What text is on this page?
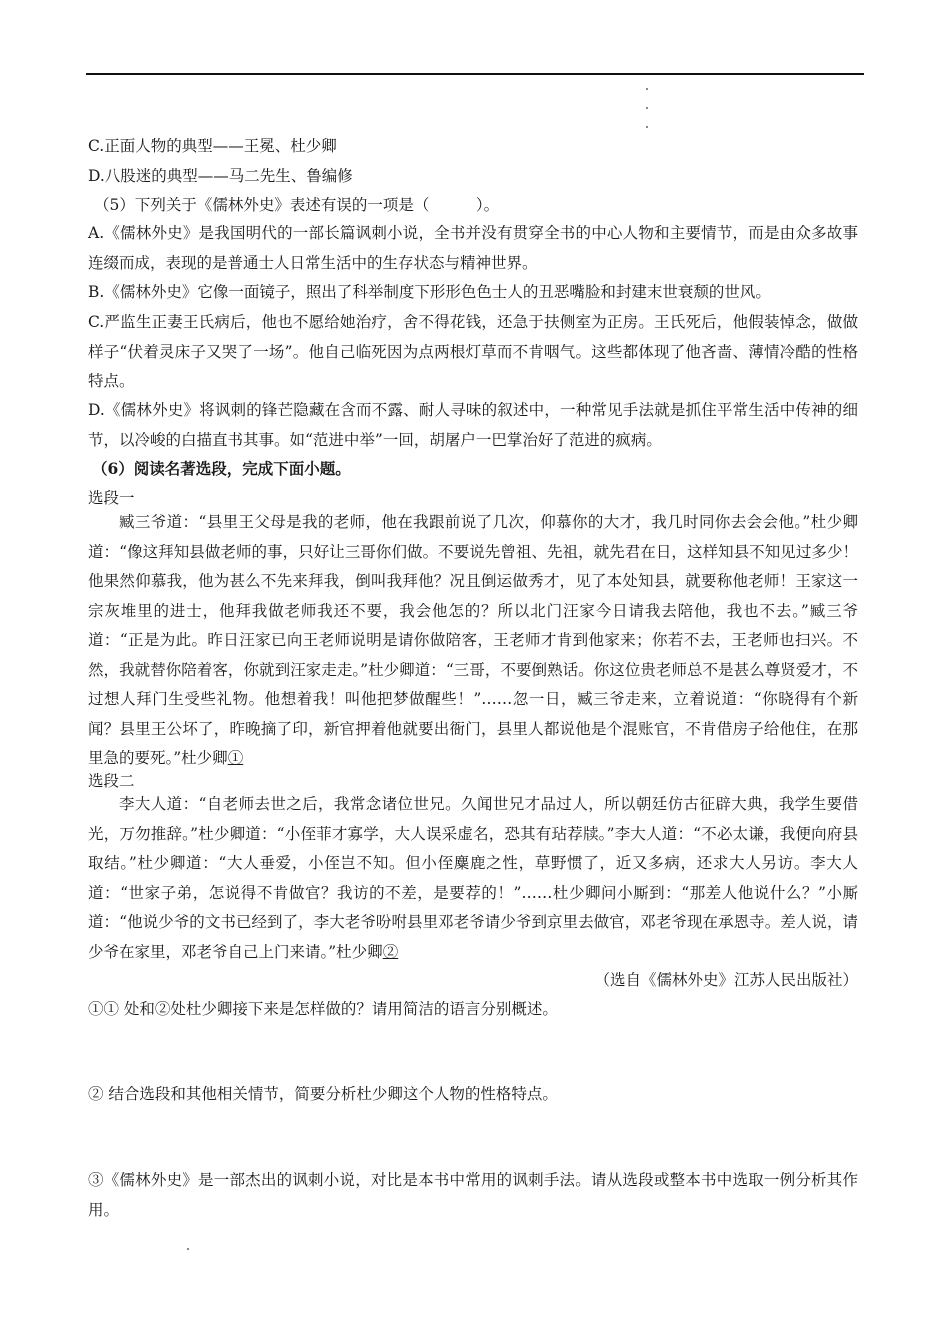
C.正面人物的典型——王冕、杜少卿
D.八股迷的典型——马二先生、鲁编修
（5）下列关于《儒林外史》表述有误的一项是（　　　）。

A.《儒林外史》是我国明代的一部长篇讽刺小说，全书并没有贯穿全书的中心人物和主要情节，而是由众多故事连缀而成，表现的是普通士人日常生活中的生存状态与精神世界。

B.《儒林外史》它像一面镜子，照出了科举制度下形形色色士人的丑恶嘴脸和封建末世衰颓的世风。

C.严监生正妻王氏病后，他也不愿给她治疗，舍不得花钱，还急于扶侧室为正房。王氏死后，他假装悼念，做做样子“伏着灵床子又哭了一场”。他自己临死因为点两根灯草而不肯咽气。这些都体现了他吝啬、薄情冷酷的性格特点。

D.《儒林外史》将讽刺的锋芒隐藏在含而不露、耐人寻味的叙述中，一种常见手法就是抓住平常生活中传神的细节，以冷峻的白描直书其事。如“范进中举”一回，胡屠户一巴掌治好了范进的疯病。

（6）阅读名著选段，完成下面小题。
选段一

臧三爷道：“县里王父母是我的老师，他在我跟前说了几次，仰慕你的大才，我几时同你去会会他。”杜少卿道：“像这拜知县做老师的事，只好让三哥你们做。不要说先曾祖、先祖，就先君在日，这样知县不知见过多少！他果然仰慕我，他为甚么不先来拜我，倒叫我拜他？况且倒运做秀才，见了本处知县，就要称他老师！王家这一宗灰堆里的进士，他拜我做老师我还不要，我会他怎的？所以北门汪家今日请我去陪他，我也不去。”臧三爷道：“正是为此。昨日汪家已向王老师说明是请你做陪客，王老师才肯到他家来；你若不去，王老师也扫兴。不然，我就替你陪着客，你就到汪家走走。”杜少卿道：“三哥，不要倒熟话。你这位贵老师总不是甚么尊贤爱才，不过想人拜门生受些礼物。他想着我！叫他把梦做醒些！”……忽一日，臧三爷走来，立着说道：“你晓得有个新闻？县里王公坏了，昨晚摘了印，新官押着他就要出衙门，县里人都说他是个混账官，不肯借房子给他住，在那里急的要死。”杜少卿①

选段二

李大人道：“自老师去世之后，我常念诸位世兄。久闻世兄才品过人，所以朝廷仿古征辟大典，我学生要借光，万勿推辞。”杜少卿道：“小侄菲才寡学，大人误采虚名，恐其有玷荐牍。”李大人道：“不必太谦，我便向府县取结。”杜少卿道：“大人垂爱，小侄岂不知。但小侄麋鹿之性，草野惯了，近又多病，还求大人另访。李大人道：“世家子弟，怎说得不肯做官？我访的不差，是要荐的！”……杜少卿问小厮到：“那差人他说什么？”小厮道：“他说少爷的文书已经到了，李大老爷吩咐县里邓老爷请少爷到京里去做官，邓老爷现在承恩寺。差人说，请少爷在家里，邓老爷自己上门来请。”杜少卿②

（选自《儒林外史》江苏人民出版社）
①① 处和②处杜少卿接下来是怎样做的？请用简洁的语言分别概述。
② 结合选段和其他相关情节，简要分析杜少卿这个人物的性格特点。

③《儒林外史》是一部杰出的讽刺小说，对比是本书中常用的讽刺手法。请从选段或整本书中选取一例分析其作用。
